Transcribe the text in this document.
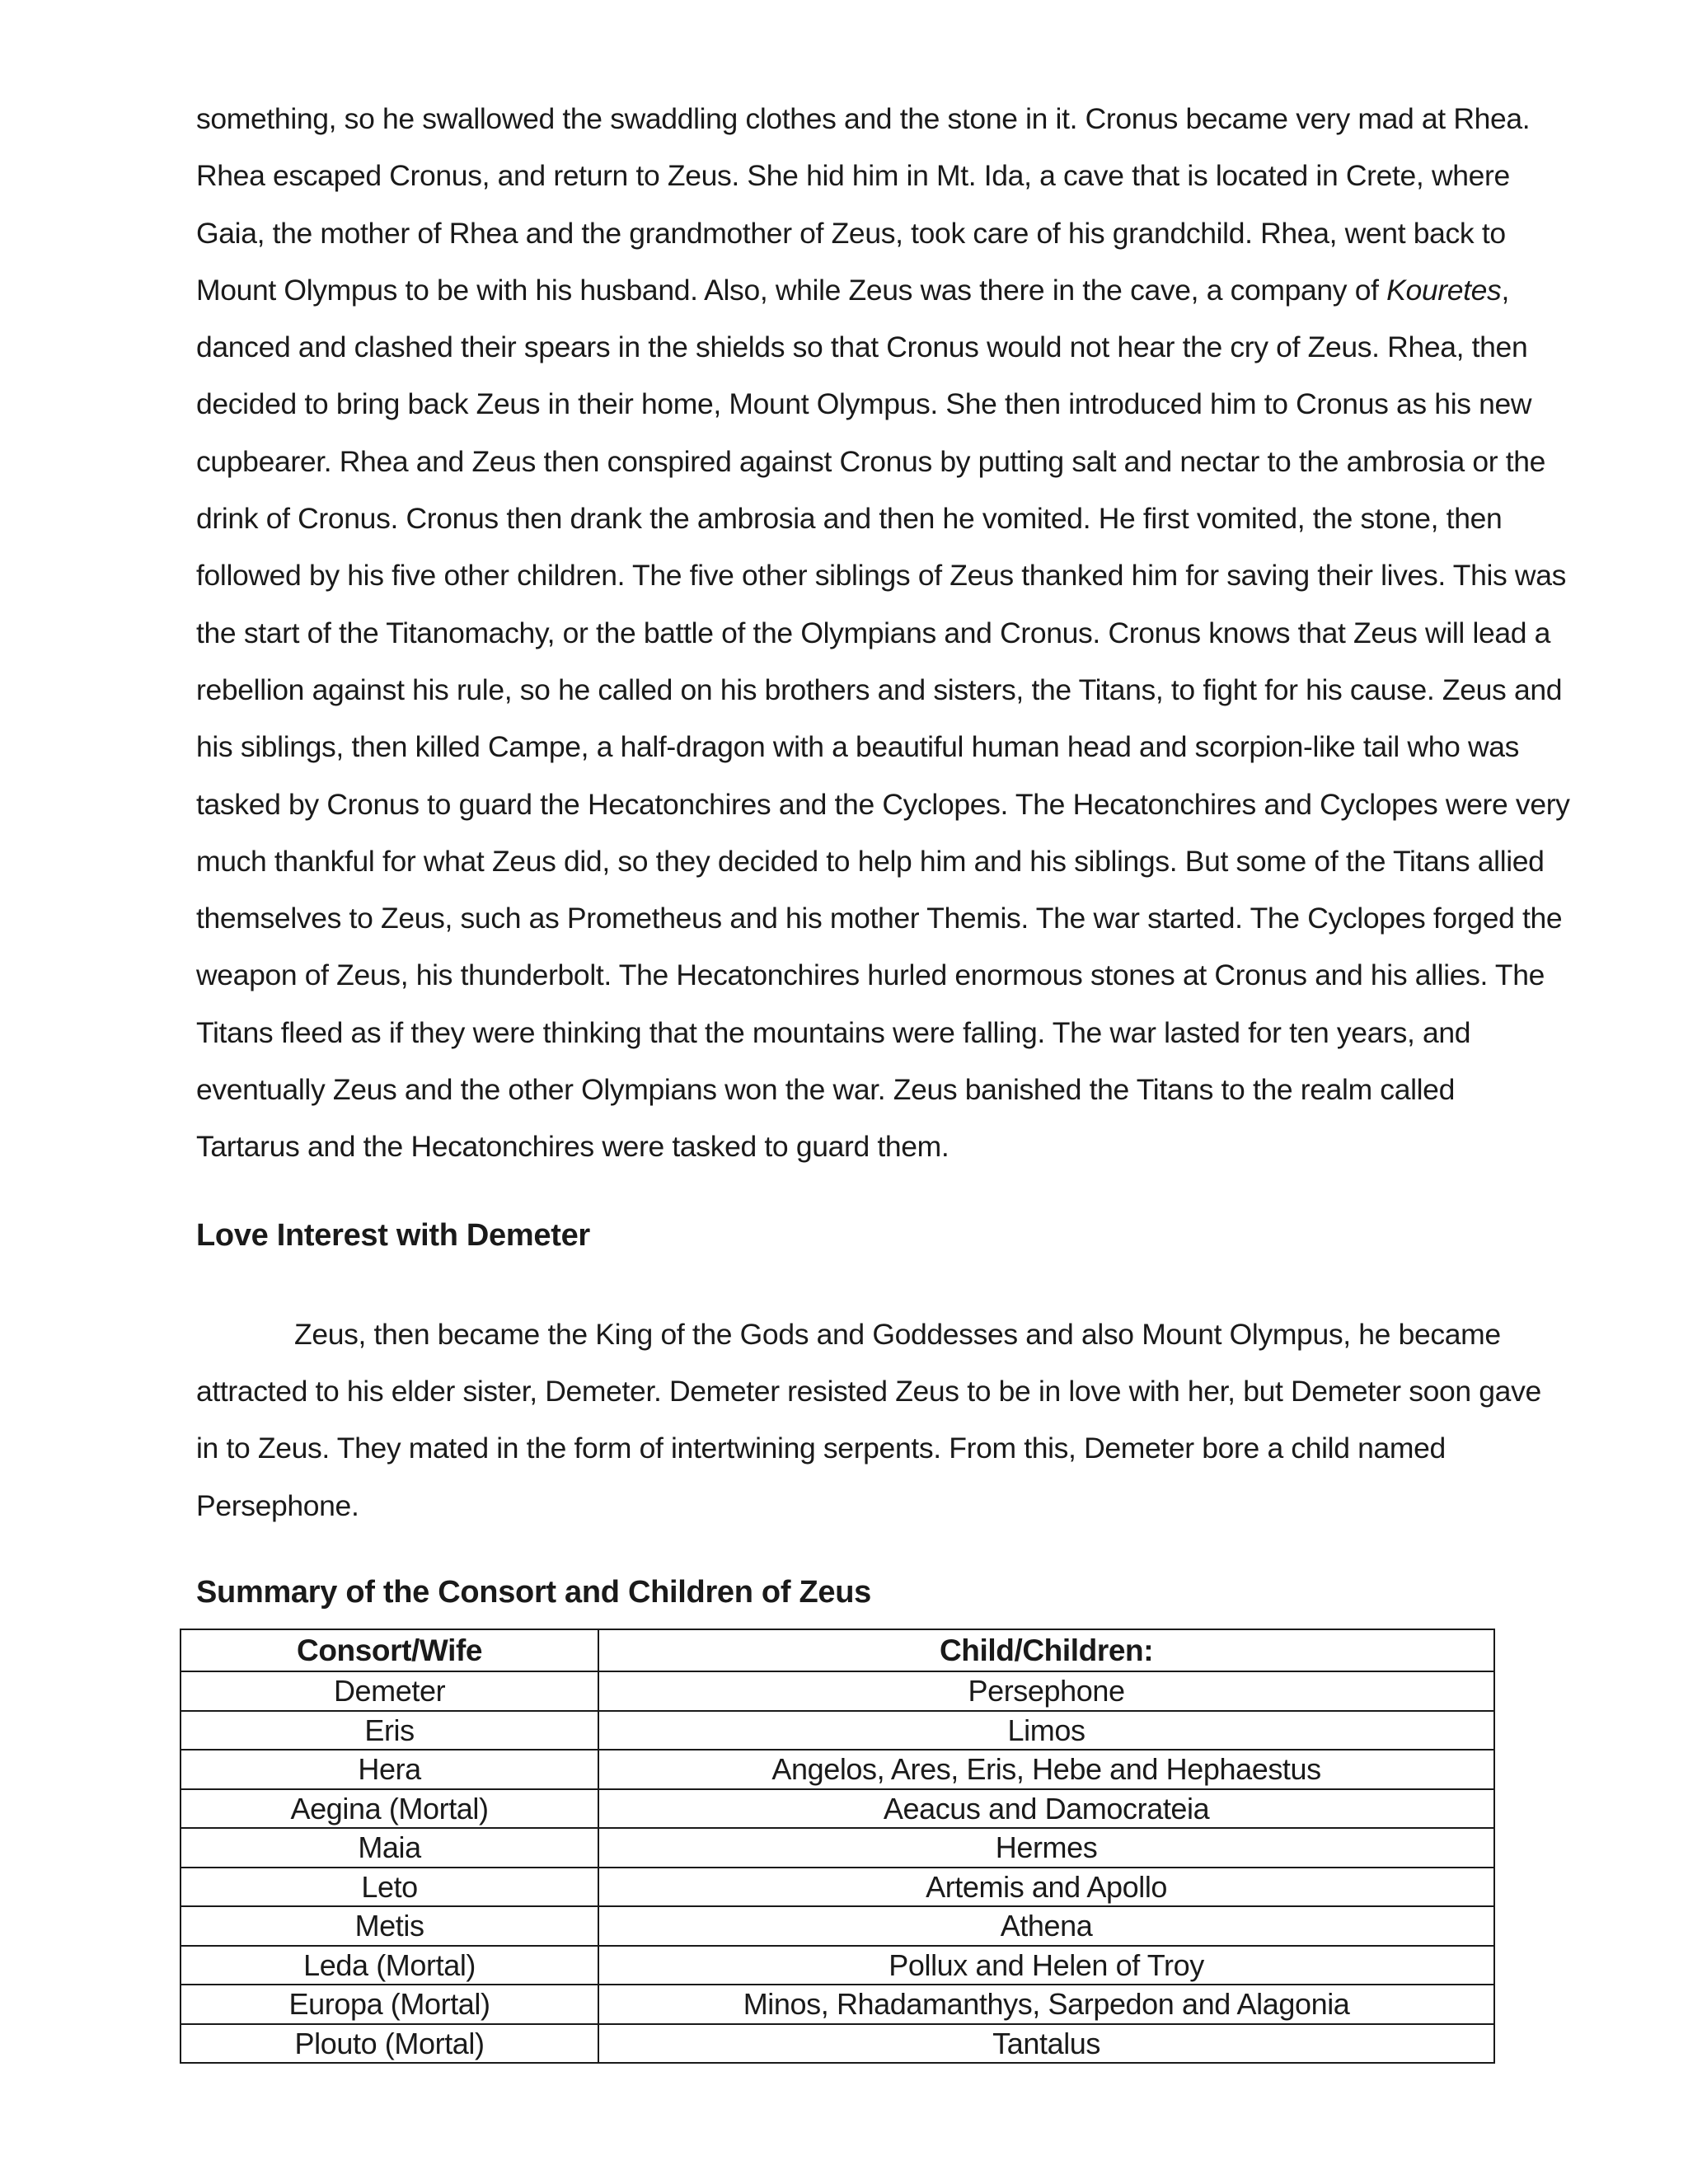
something, so he swallowed the swaddling clothes and the stone in it. Cronus became very mad at Rhea.
Rhea escaped Cronus, and return to Zeus. She hid him in Mt. Ida, a cave that is located in Crete, where
Gaia, the mother of Rhea and the grandmother of Zeus, took care of his grandchild. Rhea, went back to
Mount Olympus to be with his husband. Also, while Zeus was there in the cave, a company of Kouretes,
danced and clashed their spears in the shields so that Cronus would not hear the cry of Zeus. Rhea, then
decided to bring back Zeus in their home, Mount Olympus. She then introduced him to Cronus as his new
cupbearer. Rhea and Zeus then conspired against Cronus by putting salt and nectar to the ambrosia or the
drink of Cronus. Cronus then drank the ambrosia and then he vomited. He first vomited, the stone, then
followed by his five other children. The five other siblings of Zeus thanked him for saving their lives. This was
the start of the Titanomachy, or the battle of the Olympians and Cronus. Cronus knows that Zeus will lead a
rebellion against his rule, so he called on his brothers and sisters, the Titans, to fight for his cause. Zeus and
his siblings, then killed Campe, a half-dragon with a beautiful human head and scorpion-like tail who was
tasked by Cronus to guard the Hecatonchires and the Cyclopes. The Hecatonchires and Cyclopes were very
much thankful for what Zeus did, so they decided to help him and his siblings. But some of the Titans allied
themselves to Zeus, such as Prometheus and his mother Themis. The war started. The Cyclopes forged the
weapon of Zeus, his thunderbolt. The Hecatonchires hurled enormous stones at Cronus and his allies. The
Titans fleed as if they were thinking that the mountains were falling. The war lasted for ten years, and
eventually Zeus and the other Olympians won the war. Zeus banished the Titans to the realm called
Tartarus and the Hecatonchires were tasked to guard them.
Love Interest with Demeter
Zeus, then became the King of the Gods and Goddesses and also Mount Olympus, he became
attracted to his elder sister, Demeter. Demeter resisted Zeus to be in love with her, but Demeter soon gave
in to Zeus. They mated in the form of intertwining serpents. From this, Demeter bore a child named
Persephone.
Summary of the Consort and Children of Zeus
Consort/Wife	Child/Children:
Demeter	Persephone
Eris	Limos
Hera	Angelos, Ares, Eris, Hebe and Hephaestus
Aegina (Mortal)	Aeacus and Damocrateia
Maia	Hermes
Leto	Artemis and Apollo
Metis	Athena
Leda (Mortal)	Pollux and Helen of Troy
Europa (Mortal)	Minos, Rhadamanthys, Sarpedon and Alagonia
Plouto (Mortal)	Tantalus
